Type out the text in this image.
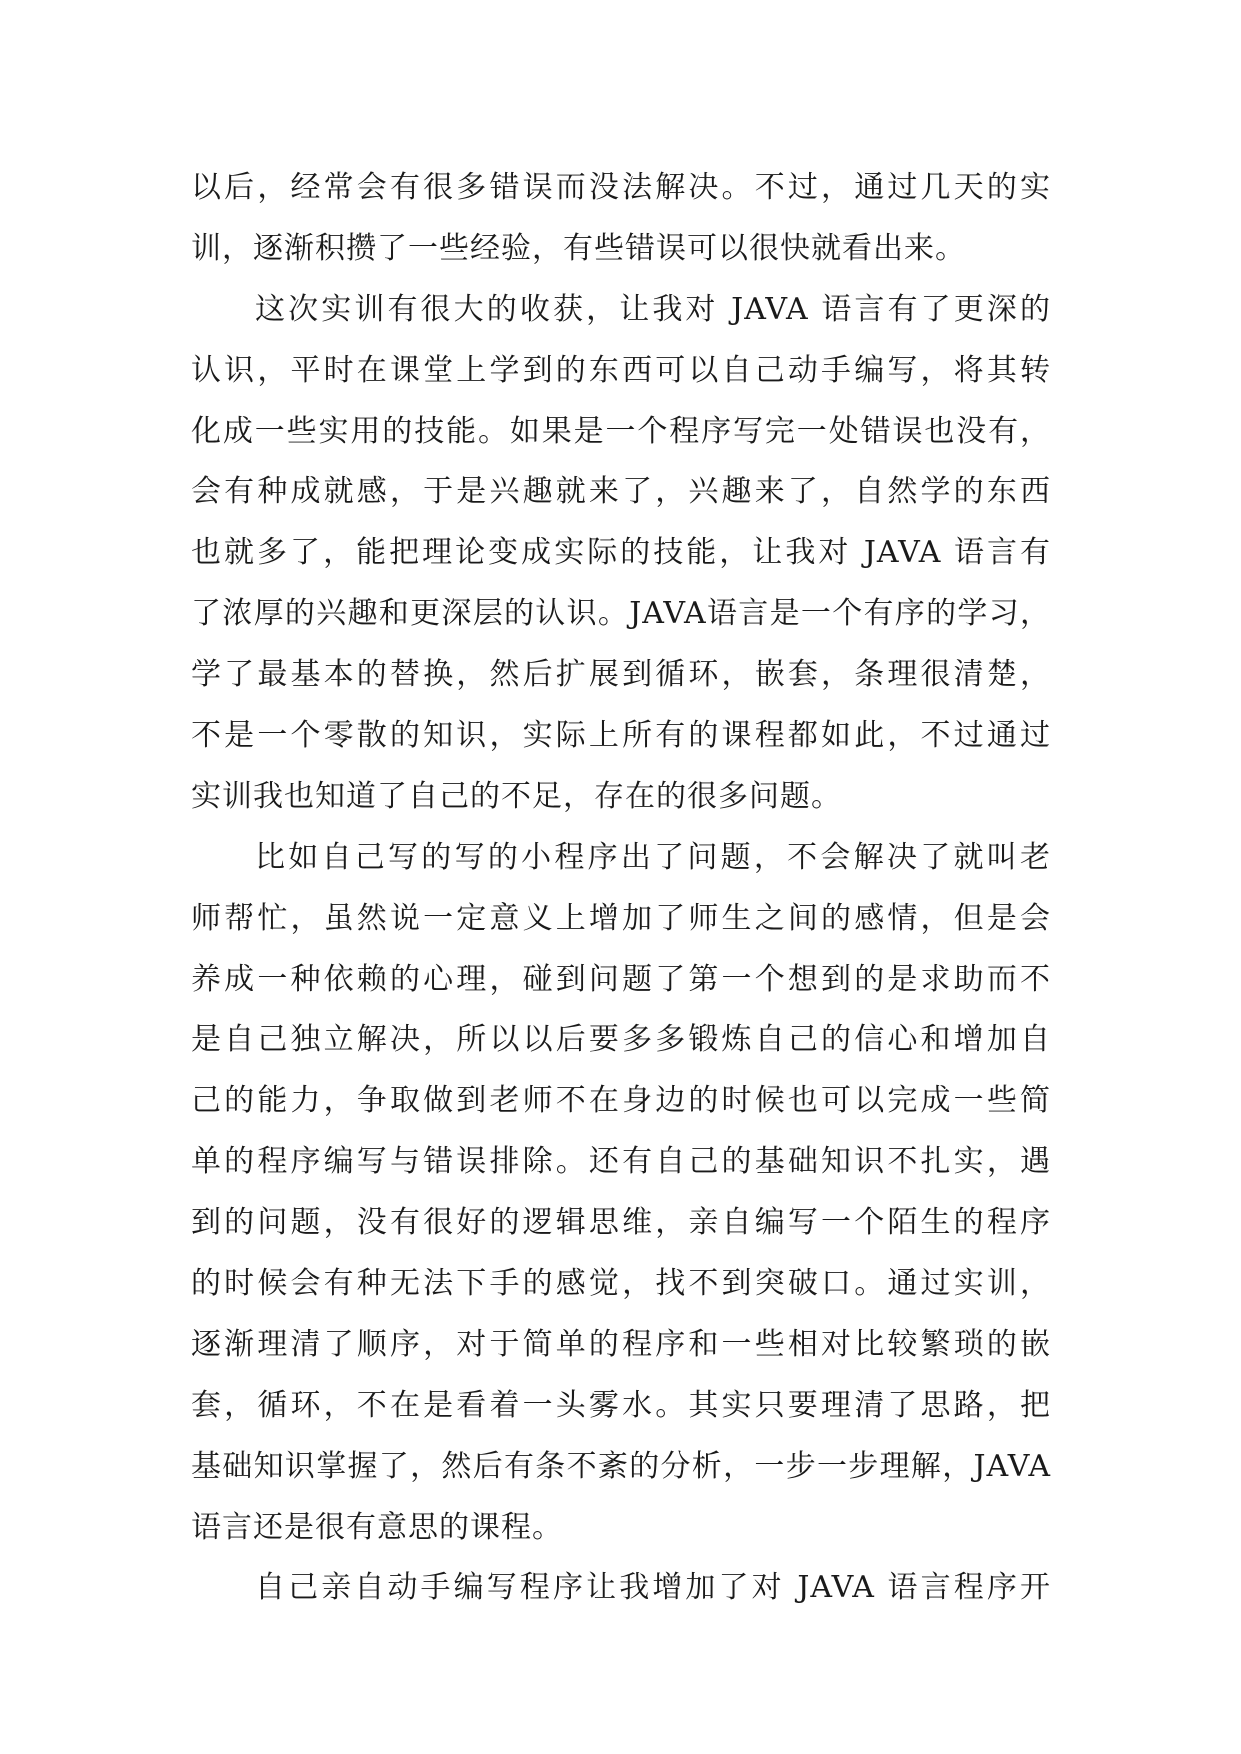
以后，经常会有很多错误而没法解决。不过，通过几天的实
训，逐渐积攒了一些经验，有些错误可以很快就看出来。
这次实训有很大的收获，让我对 JAVA 语言有了更深的
认识，平时在课堂上学到的东西可以自己动手编写，将其转
化成一些实用的技能。如果是一个程序写完一处错误也没有，
会有种成就感，于是兴趣就来了，兴趣来了，自然学的东西
也就多了，能把理论变成实际的技能，让我对 JAVA 语言有
了浓厚的兴趣和更深层的认识。JAVA语言是一个有序的学习，
学了最基本的替换，然后扩展到循环，嵌套，条理很清楚，
不是一个零散的知识，实际上所有的课程都如此，不过通过
实训我也知道了自己的不足，存在的很多问题。
比如自己写的写的小程序出了问题，不会解决了就叫老
师帮忙，虽然说一定意义上增加了师生之间的感情，但是会
养成一种依赖的心理，碰到问题了第一个想到的是求助而不
是自己独立解决，所以以后要多多锻炼自己的信心和增加自
己的能力，争取做到老师不在身边的时候也可以完成一些简
单的程序编写与错误排除。还有自己的基础知识不扎实，遇
到的问题，没有很好的逻辑思维，亲自编写一个陌生的程序
的时候会有种无法下手的感觉，找不到突破口。通过实训，
逐渐理清了顺序，对于简单的程序和一些相对比较繁琐的嵌
套，循环，不在是看着一头雾水。其实只要理清了思路，把
基础知识掌握了，然后有条不紊的分析，一步一步理解，JAVA
语言还是很有意思的课程。
自己亲自动手编写程序让我增加了对 JAVA 语言程序开
